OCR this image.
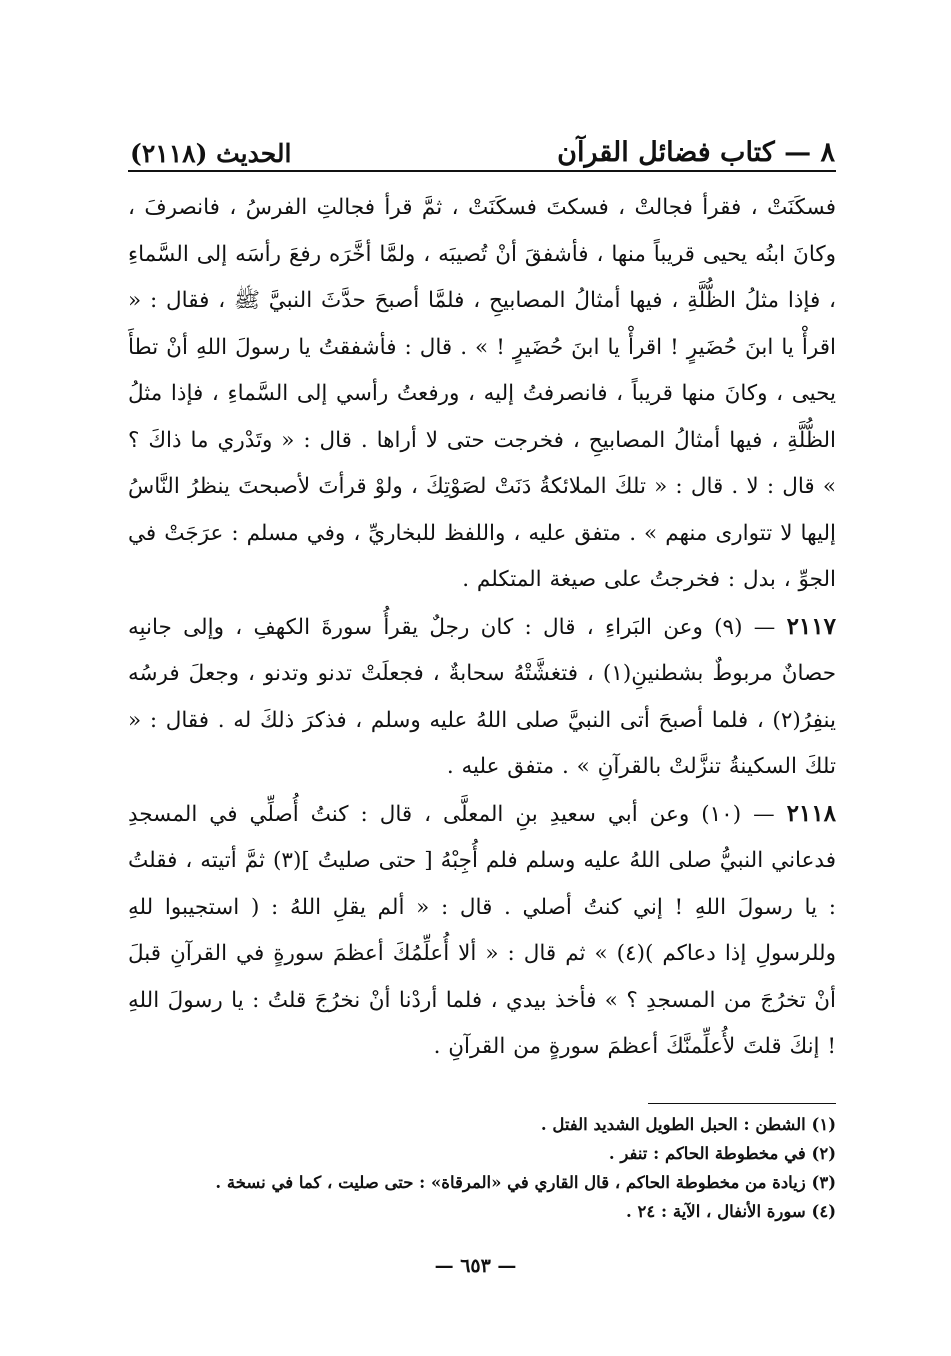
٨ — كتاب فضائل القرآن
الحديث (٢١١٨)

فسكَنَتْ ، فقرأ فجالتْ ، فسكتَ فسكَنَتْ ، ثمَّ قرأ فجالتِ الفرسُ ، فانصرفَ ، وكانَ ابنُه يحيى قريباً منها ، فأشفقَ أنْ تُصيبَه ، ولمَّا أخَّرَه رفعَ رأسَه إلى السَّماءِ ، فإذا مثلُ الظُّلَّةِ ، فيها أمثالُ المصابيحِ ، فلمَّا أصبحَ حدَّثَ النبيَّ ﷺ ، فقال : « اقرأْ يا ابنَ حُضَيرٍ ! اقرأْ يا ابنَ حُضَيرٍ ! » . قال : فأشفقتُ يا رسولَ اللهِ أنْ تطأَ يحيى ، وكانَ منها قريباً ، فانصرفتُ إليه ، ورفعتُ رأسي إلى السَّماءِ ، فإذا مثلُ الظُّلَّةِ ، فيها أمثالُ المصابيحِ ، فخرجت حتى لا أراها . قال : « وتَدْري ما ذاكَ ؟ » قال : لا . قال : « تلكَ الملائكةُ دَنَتْ لصَوْتِكَ ، ولوْ قرأتَ لأصبحتَ ينظرُ النَّاسُ إليها لا تتوارى منهم » . متفق عليه ، واللفظ للبخاريِّ ، وفي مسلم : عرَجَتْ في الجوِّ ، بدل : فخرجتُ على صيغة المتكلم .

٢١١٧ — (٩) وعن البَراءِ ، قال : كان رجلٌ يقرأُ سورةَ الكهفِ ، وإلى جانبِه حصانٌ مربوطٌ بشطنينِ(١) ، فتغشَّتْهُ سحابةٌ ، فجعلَتْ تدنو وتدنو ، وجعلَ فرسُه ينفِرُ(٢) ، فلما أصبحَ أتى النبيَّ صلى اللهُ عليه وسلم ، فذكرَ ذلكَ له . فقال : « تلكَ السكينةُ تنزَّلتْ بالقرآنِ » . متفق عليه .

٢١١٨ — (١٠) وعن أبي سعيدِ بنِ المعلَّى ، قال : كنتُ أُصلِّي في المسجدِ فدعاني النبيُّ صلى اللهُ عليه وسلم فلم أُجِبْهُ [ حتى صليتُ ](٣) ثمَّ أتيته ، فقلتُ : يا رسولَ اللهِ ! إني كنتُ أصلي . قال : « ألم يقلِ اللهُ : ( استجيبوا للهِ وللرسولِ إذا دعاكم )(٤) » ثم قال : « ألا أُعلِّمُكَ أعظمَ سورةٍ في القرآنِ قبلَ أنْ تخرُجَ من المسجدِ ؟ » فأخذ بيدي ، فلما أردْنا أنْ نخرُجَ قلتُ : يا رسولَ اللهِ ! إنكَ قلتَ لأُعلِّمنَّكَ أعظمَ سورةٍ من القرآنِ .

(١) الشطن : الحبل الطويل الشديد الفتل .
(٢) في مخطوطة الحاكم : تنفر .
(٣) زيادة من مخطوطة الحاكم ، قال القاري في «المرقاة» : حتى صليت ، كما في نسخة .
(٤) سورة الأنفال ، الآية : ٢٤ .
— ٦٥٣ —
